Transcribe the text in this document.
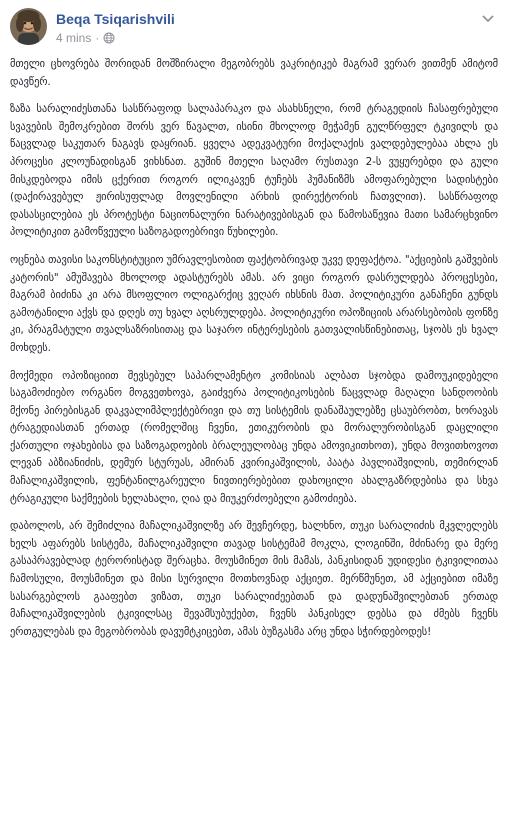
Beqa Tsiqarishvili
4 mins ·

მთელი ცხოვრება შორიდან მოშზირალი მეგობრებს ვაკრიტიკებ მაგრამ ვერარ ვითმენ ამიტომ დავწერ.

ზაზა სარალიძესთანა სასწრაფოდ სალაპარაკო და ასახსნელი, რომ ტრაგედიის ჩასაფრებული სვავების შემოკრებით შორს ვერ წავალთ, ისინი მხოლოდ მეჭამენ გულწრფელ ტკივილს და წაცვლად საკუთარ ნაგავს დაყრიან. ყველა ადეკვატური მოქალაქის ვალდებულებაა ახლა ეს პროცესი კლოუნადისგან ვიხსნათ. გუშინ მთელი საღამო რუსთავი 2-ს ვუყურებდი და გული მისკდებოდა იმის ცქერით როგორ ილიკავენ ტუჩებს ჰუმანიზმს ამოფარებული სადისტები (დაქირავებულ ჟირისუფლად მოვლენილი არხის დირექტორის ჩათვლით). სასწრაფოდ დასასცილებია ეს პროტესტი ნაციონალური ნარატივებისგან და წამოსაწევია მათი სამარცხვინო პოლიტიკით გამოწვეული საზოგადოებრივი წუხილები.

ოცნება თავისი საკონსტიტუციო უმრავლესობით ფაქტობრივად უკვე დეფაქტოა. "აქციების გაშვების კატორის" ამუშავება მხოლოდ ადასტურებს ამას. არ ვიცი როგორ დასრულდება პროცესები, მაგრამ ბიძინა კი არა მსოფლიო ოლიგარქიც ვეღარ იხსნის მათ. პოლიტიკური განაჩენი გუნდს გამოტანილი აქვს და დღეს თუ ხვალ აღსრულდება. პოლიტიკური ოპოზიციის არარსებობის ფონზე კი, პრაგმატული თვალსაზრისითაც და საჯარო ინტერესების გათვალისწინებითაც, სჯობს ეს ხვალ მოხდეს.

მოქმედი ოპოზიციით შევსებულ საპარლამენტო კომისიას ალბათ სჯობდა დამოუკიდებელი საგამოძიებო ორგანო მოგვეთხოვა, გაიძვერა პოლიტიკოსების წაცვლად მაღალი სანდოობის მქონე პირებისგან დაკვალიმპლექტებრივი და თუ სისტემის დანაშაულებზე ცსაუბრობთ, ხორავას ტრაგედიასთან ერთად (რომელშიც ჩვენი, ეთიკურობის და მორალურობისგან დაცლილი ქართული ოჯახებისა და საზოგადოების ბრალეულობაც უნდა ამოვიკითხოთ), უნდა მოვითხოვოთ ლევან აბზიანიძის, დემურ სტურუას, ამირან კვირიკაშვილის, პაატა პავლიაშვილის, თემირლან მაჩალიკაშვილის, ფენტანილგარეული ნივთიერებებით დახოცილი ახალგაზრდებისა და სხვა ტრაგიკული საქმეების ხელახალი, ღია და მიუკერძოებელი გამოძიება.

დაბოლოს, არ შემიძლია მაჩალიკაშვილზე არ შევჩერდე, ხალხნო, თუკი სარალიძის მკვლელებს ხელს აფარებს სისტემა, მაჩალიკაშვილი თავად სისტემამ მოკლა, ლოგინში, მძინარე და მერე გასაპრავებლად ტერორისტად შერაცხა. მოუსმინეთ მის მამას, პანკისიდან უდიდესი ტკივილითაა ჩამოსული, მოუსმინეთ და მისი სურვილი მოთხოვნად აქციეთ. მერწმუნეთ, ამ აქციებით იმაზე სასარგებლოს გააფებთ ვიზათ, თუკი სარალიძეებთან და დადუნაშვილებთან ერთად მაჩალიკაშვილების ტკივილსაც შევამსუბუქებთ, ჩვენს პანკისელ დებსა და ძმებს ჩვენს ერთგულებას და მეგობრობას დავუმტკიცებთ, ამას ბუზგასმა არც უნდა სჭირდებოდეს!
